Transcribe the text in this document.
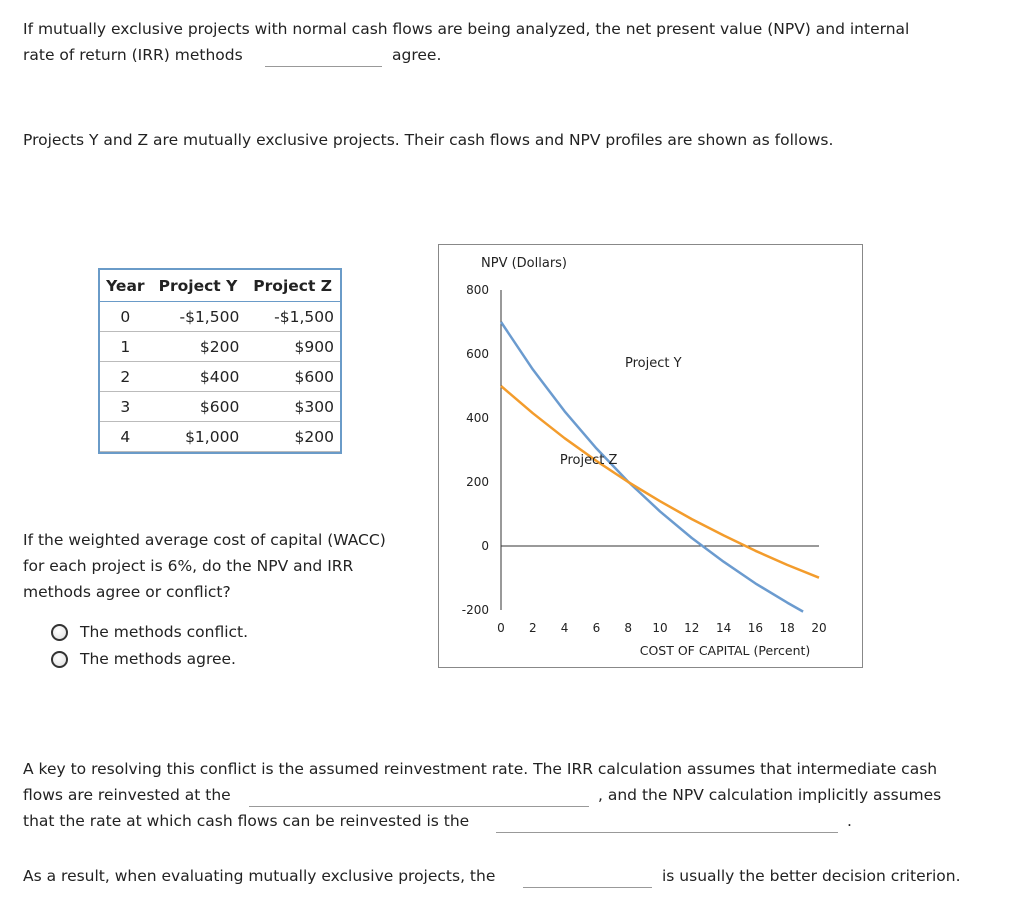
If mutually exclusive projects with normal cash flows are being analyzed, the net present value (NPV) and internal
rate of return (IRR) methods	agree.
Projects Y and Z are mutually exclusive projects. Their cash flows and NPV profiles are shown as follows.
Year	Project Y	Project Z
0	-$1,500	-$1,500
1	$200	$900
2	$400	$600
3	$600	$300
4	$1,000	$200
If the weighted average cost of capital (WACC)
for each project is 6%, do the NPV and IRR
methods agree or conflict?
The methods conflict.
The methods agree.
NPV (Dollars)
800
600
400
200
0
-200
0 2 4 6 8 10 12 14 16 18 20
COST OF CAPITAL (Percent)
Project Y
Project Z
A key to resolving this conflict is the assumed reinvestment rate. The IRR calculation assumes that intermediate cash
flows are reinvested at the	, and the NPV calculation implicitly assumes
that the rate at which cash flows can be reinvested is the	.
As a result, when evaluating mutually exclusive projects, the	is usually the better decision criterion.
